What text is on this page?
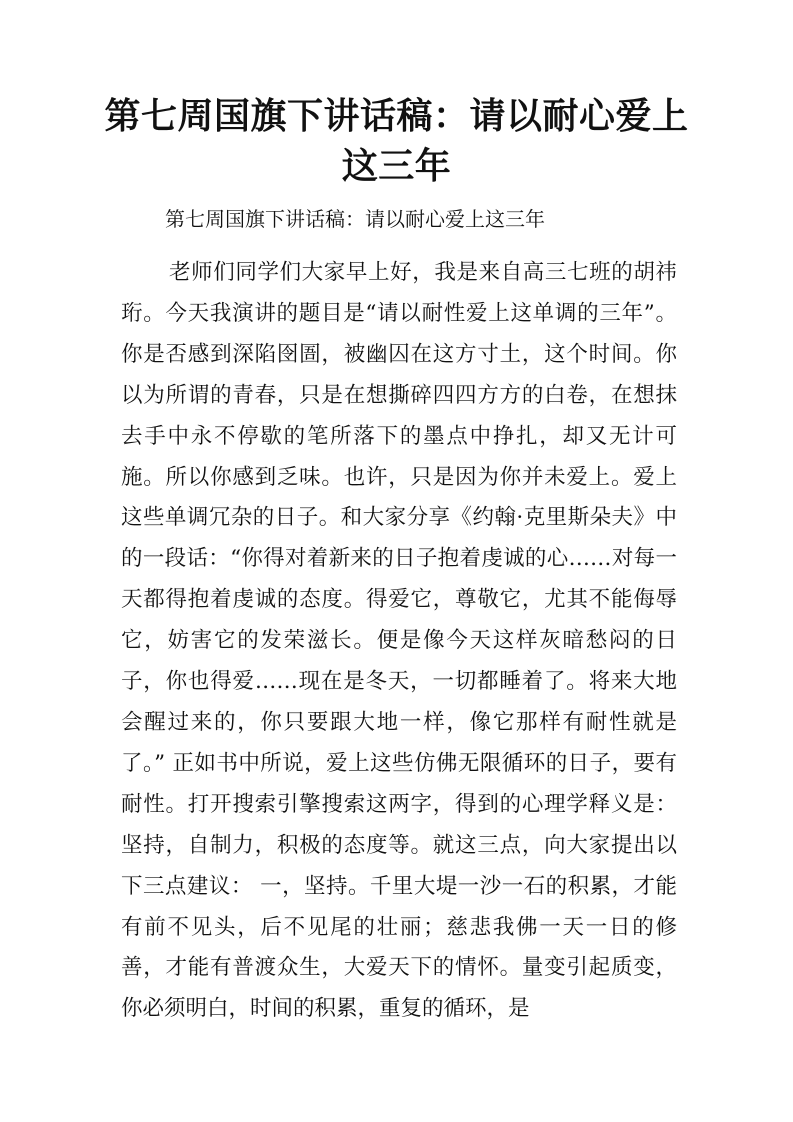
第七周国旗下讲话稿：请以耐心爱上这三年

第七周国旗下讲话稿：请以耐心爱上这三年

老师们同学们大家早上好，我是来自高三七班的胡祎珩。今天我演讲的题目是“请以耐性爱上这单调的三年”。你是否感到深陷囹圄，被幽囚在这方寸土，这个时间。你以为所谓的青春，只是在想撕碎四四方方的白卷，在想抹去手中永不停歇的笔所落下的墨点中挣扎，却又无计可施。所以你感到乏味。也许，只是因为你并未爱上。爱上这些单调冗杂的日子。和大家分享《约翰·克里斯朵夫》中的一段话：“你得对着新来的日子抱着虔诚的心……对每一天都得抱着虔诚的态度。得爱它，尊敬它，尤其不能侮辱它，妨害它的发荣滋长。便是像今天这样灰暗愁闷的日子，你也得爱……现在是冬天，一切都睡着了。将来大地会醒过来的，你只要跟大地一样，像它那样有耐性就是了。” 正如书中所说，爱上这些仿佛无限循环的日子，要有耐性。打开搜索引擎搜索这两字，得到的心理学释义是：坚持，自制力，积极的态度等。就这三点，向大家提出以下三点建议： 一，坚持。千里大堤一沙一石的积累，才能有前不见头，后不见尾的壮丽；慈悲我佛一天一日的修善，才能有普渡众生，大爱天下的情怀。量变引起质变，你必须明白，时间的积累，重复的循环，是
